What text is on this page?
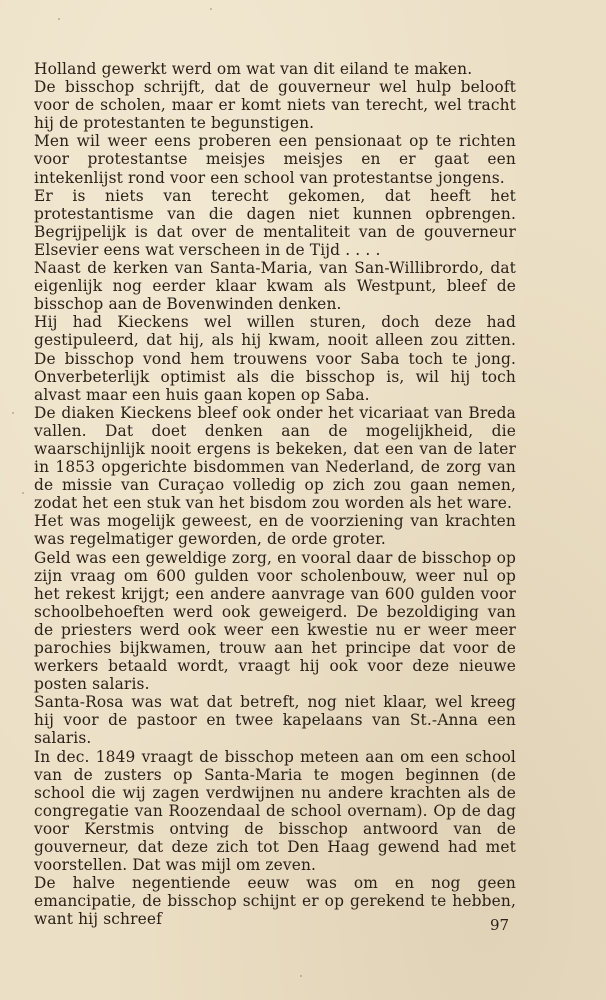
Holland gewerkt werd om wat van dit eiland te maken.

De bisschop schrijft, dat de gouverneur wel hulp belooft voor de scholen, maar er komt niets van terecht, wel tracht hij de protestanten te begunstigen.

Men wil weer eens proberen een pensionaat op te richten voor protestantse meisjes meisjes en er gaat een intekenlijst rond voor een school van protestantse jongens.

Er is niets van terecht gekomen, dat heeft het protestantisme van die dagen niet kunnen opbrengen. Begrijpelijk is dat over de mentaliteit van de gouverneur Elsevier eens wat verscheen in de Tijd . . . .

Naast de kerken van Santa-Maria, van San-Willibrordo, dat eigenlijk nog eerder klaar kwam als Westpunt, bleef de bisschop aan de Bovenwinden denken.

Hij had Kieckens wel willen sturen, doch deze had gestipuleerd, dat hij, als hij kwam, nooit alleen zou zitten. De bisschop vond hem trouwens voor Saba toch te jong. Onverbeterlijk optimist als die bisschop is, wil hij toch alvast maar een huis gaan kopen op Saba.

De diaken Kieckens bleef ook onder het vicariaat van Breda vallen. Dat doet denken aan de mogelijkheid, die waarschijnlijk nooit ergens is bekeken, dat een van de later in 1853 opgerichte bisdommen van Nederland, de zorg van de missie van Curaçao volledig op zich zou gaan nemen, zodat het een stuk van het bisdom zou worden als het ware.

Het was mogelijk geweest, en de voorziening van krachten was regelmatiger geworden, de orde groter.

Geld was een geweldige zorg, en vooral daar de bisschop op zijn vraag om 600 gulden voor scholenbouw, weer nul op het rekest krijgt; een andere aanvrage van 600 gulden voor schoolbehoeften werd ook geweigerd. De bezoldiging van de priesters werd ook weer een kwestie nu er weer meer parochies bijkwamen, trouw aan het principe dat voor de werkers betaald wordt, vraagt hij ook voor deze nieuwe posten salaris.

Santa-Rosa was wat dat betreft, nog niet klaar, wel kreeg hij voor de pastoor en twee kapelaans van St.-Anna een salaris.

In dec. 1849 vraagt de bisschop meteen aan om een school van de zusters op Santa-Maria te mogen beginnen (de school die wij zagen verdwijnen nu andere krachten als de congregatie van Roozendaal de school overnam). Op de dag voor Kerstmis ontving de bisschop antwoord van de gouverneur, dat deze zich tot Den Haag gewend had met voorstellen. Dat was mijl om zeven.

De halve negentiende eeuw was om en nog geen emancipatie, de bisschop schijnt er op gerekend te hebben, want hij schreef	97
